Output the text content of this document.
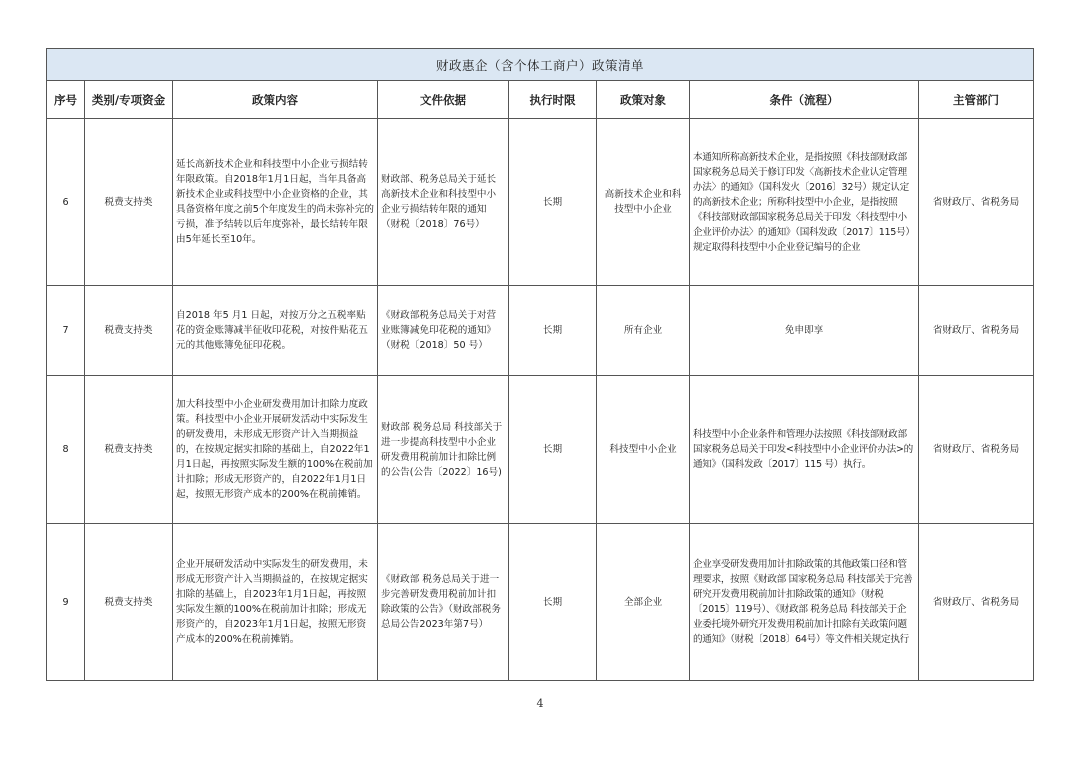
财政惠企（含个体工商户）政策清单							
序号	类别/专项资金	政策内容	文件依据	执行时限	政策对象	条件（流程）	主管部门
6	税费支持类	延长高新技术企业和科技型中小企业亏损结转年限政策。自2018年1月1日起，当年具备高新技术企业或科技型中小企业资格的企业，其具备资格年度之前5个年度发生的尚未弥补完的亏损，准予结转以后年度弥补，最长结转年限由5年延长至10年。	财政部、税务总局关于延长高新技术企业和科技型中小企业亏损结转年限的通知（财税〔2018〕76号）	长期	高新技术企业和科技型中小企业	本通知所称高新技术企业，是指按照《科技部财政部国家税务总局关于修订印发〈高新技术企业认定管理办法〉的通知》（国科发火〔2016〕32号）规定认定的高新技术企业；所称科技型中小企业，是指按照《科技部财政部国家税务总局关于印发〈科技型中小企业评价办法〉的通知》（国科发政〔2017〕115号）规定取得科技型中小企业登记编号的企业	省财政厅、省税务局
7	税费支持类	自2018 年5 月1 日起，对按万分之五税率贴花的资金账簿减半征收印花税，对按件贴花五元的其他账簿免征印花税。	《财政部税务总局关于对营业账簿减免印花税的通知》（财税〔2018〕50 号）	长期	所有企业	免申即享	省财政厅、省税务局
8	税费支持类	加大科技型中小企业研发费用加计扣除力度政策。科技型中小企业开展研发活动中实际发生的研发费用，未形成无形资产计入当期损益的，在按规定据实扣除的基础上，自2022年1月1日起，再按照实际发生额的100%在税前加计扣除；形成无形资产的，自2022年1月1日起，按照无形资产成本的200%在税前摊销。	财政部 税务总局 科技部关于进一步提高科技型中小企业研发费用税前加计扣除比例的公告(公告〔2022〕16号)	长期	科技型中小企业	科技型中小企业条件和管理办法按照《科技部财政部国家税务总局关于印发<科技型中小企业评价办法>的通知》（国科发政〔2017〕115 号）执行。	省财政厅、省税务局
9	税费支持类	企业开展研发活动中实际发生的研发费用，未形成无形资产计入当期损益的，在按规定据实扣除的基础上，自2023年1月1日起，再按照实际发生额的100%在税前加计扣除；形成无形资产的，自2023年1月1日起，按照无形资产成本的200%在税前摊销。	《财政部 税务总局关于进一步完善研发费用税前加计扣除政策的公告》（财政部税务总局公告2023年第7号）	长期	全部企业	企业享受研发费用加计扣除政策的其他政策口径和管理要求，按照《财政部 国家税务总局 科技部关于完善研究开发费用税前加计扣除政策的通知》（财税〔2015〕119号）、《财政部 税务总局 科技部关于企业委托境外研究开发费用税前加计扣除有关政策问题的通知》（财税〔2018〕64号）等文件相关规定执行	省财政厅、省税务局
4
